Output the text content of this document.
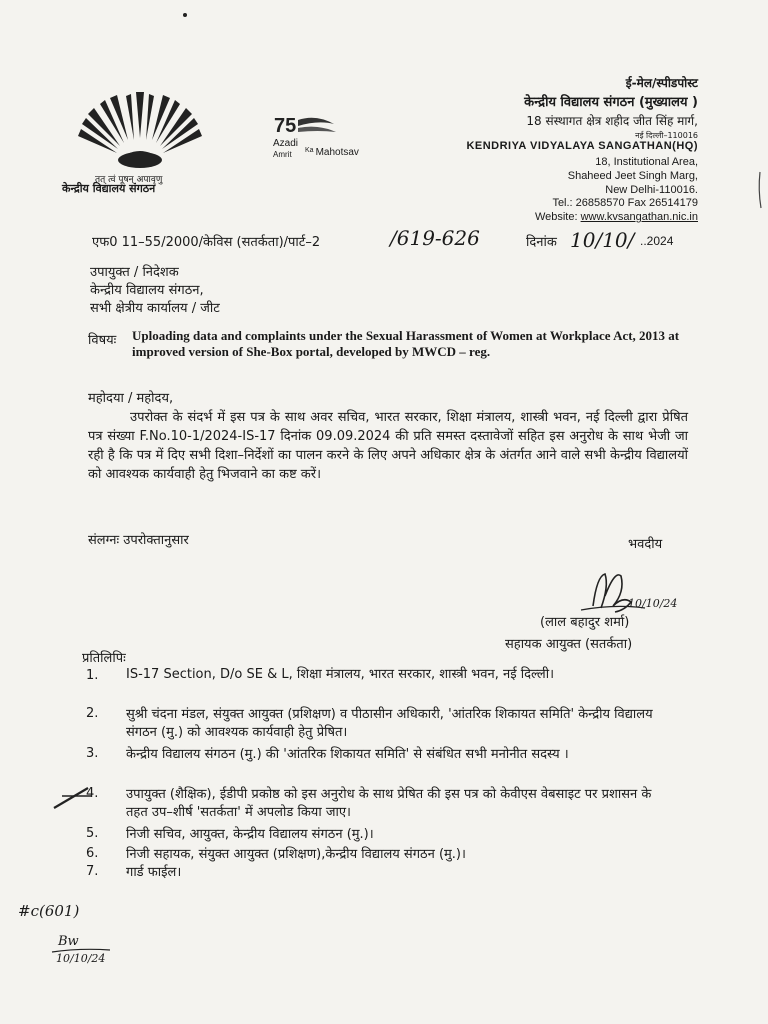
तत् त्वं पूषन् अपावृणु
केन्द्रीय विद्यालय संगठन
75
Azadi
Amrit $^{Ka}$ Mahotsav
ई-मेल/स्पीडपोस्ट
केन्द्रीय विद्यालय संगठन (मुख्यालय )
18 संस्थागत क्षेत्र शहीद जीत सिंह मार्ग,
नई दिल्ली–110016
KENDRIYA VIDYALAYA SANGATHAN(HQ)
18, Institutional Area,
Shaheed Jeet Singh Marg,
New Delhi-110016.
Tel.: 26858570 Fax 26514179
Website: www.kvsangathan.nic.in
एफ0 11–55/2000/केविस (सतर्कता)/पार्ट–2	/619-626	दिनांक 10/10/ ..2024
उपायुक्त / निदेशक
केन्द्रीय विद्यालय संगठन,
सभी क्षेत्रीय कार्यालय / जीट
विषयः Uploading data and complaints under the Sexual Harassment of Women at Workplace Act, 2013 at improved version of She-Box portal, developed by MWCD – reg.
महोदया / महोदय,
उपरोक्त के संदर्भ में इस पत्र के साथ अवर सचिव, भारत सरकार, शिक्षा मंत्रालय, शास्त्री भवन, नई दिल्ली द्वारा प्रेषित पत्र संख्या F.No.10-1/2024-IS-17 दिनांक 09.09.2024 की प्रति समस्त दस्तावेजों सहित इस अनुरोध के साथ भेजी जा रही है कि पत्र में दिए सभी दिशा–निर्देशों का पालन करने के लिए अपने अधिकार क्षेत्र के अंतर्गत आने वाले सभी केन्द्रीय विद्यालयों को आवश्यक कार्यवाही हेतु भिजवाने का कष्ट करें।
संलग्नः उपरोक्तानुसार	भवदीय
10/10/24
(लाल बहादुर शर्मा)
सहायक आयुक्त (सतर्कता)
प्रतिलिपिः
1. IS-17 Section, D/o SE & L, शिक्षा मंत्रालय, भारत सरकार, शास्त्री भवन, नई दिल्ली।
2. सुश्री चंदना मंडल, संयुक्त आयुक्त (प्रशिक्षण) व पीठासीन अधिकारी, 'आंतरिक शिकायत समिति' केन्द्रीय विद्यालय संगठन (मु.) को आवश्यक कार्यवाही हेतु प्रेषित।
3. केन्द्रीय विद्यालय संगठन (मु.) की 'आंतरिक शिकायत समिति' से संबंधित सभी मनोनीत सदस्य ।
4. उपायुक्त (शैक्षिक), ईडीपी प्रकोष्ठ को इस अनुरोध के साथ प्रेषित की इस पत्र को केवीएस वेबसाइट पर प्रशासन के तहत उप–शीर्ष 'सतर्कता' में अपलोड किया जाए।
5. निजी सचिव, आयुक्त, केन्द्रीय विद्यालय संगठन (मु.)।
6. निजी सहायक, संयुक्त आयुक्त (प्रशिक्षण),केन्द्रीय विद्यालय संगठन (मु.)।
7. गार्ड फाईल।
#c(601)
Bw
10/10/24
